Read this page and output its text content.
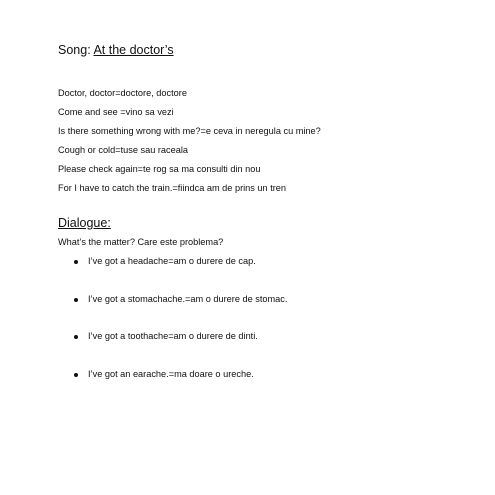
Song: At the doctor’s
Doctor, doctor=doctore, doctore
Come and see =vino sa vezi
Is there something wrong with me?=e ceva in neregula cu mine?
Cough or cold=tuse sau raceala
Please check again=te rog sa ma consulti din nou
For I have to catch the train.=fiindca am de prins un tren
Dialogue:
What’s the matter? Care este problema?
I’ve got a headache=am o durere de cap.
I’ve got a stomachache.=am o durere de stomac.
I’ve got a toothache=am o durere de dinti.
I’ve got an earache.=ma doare o ureche.
